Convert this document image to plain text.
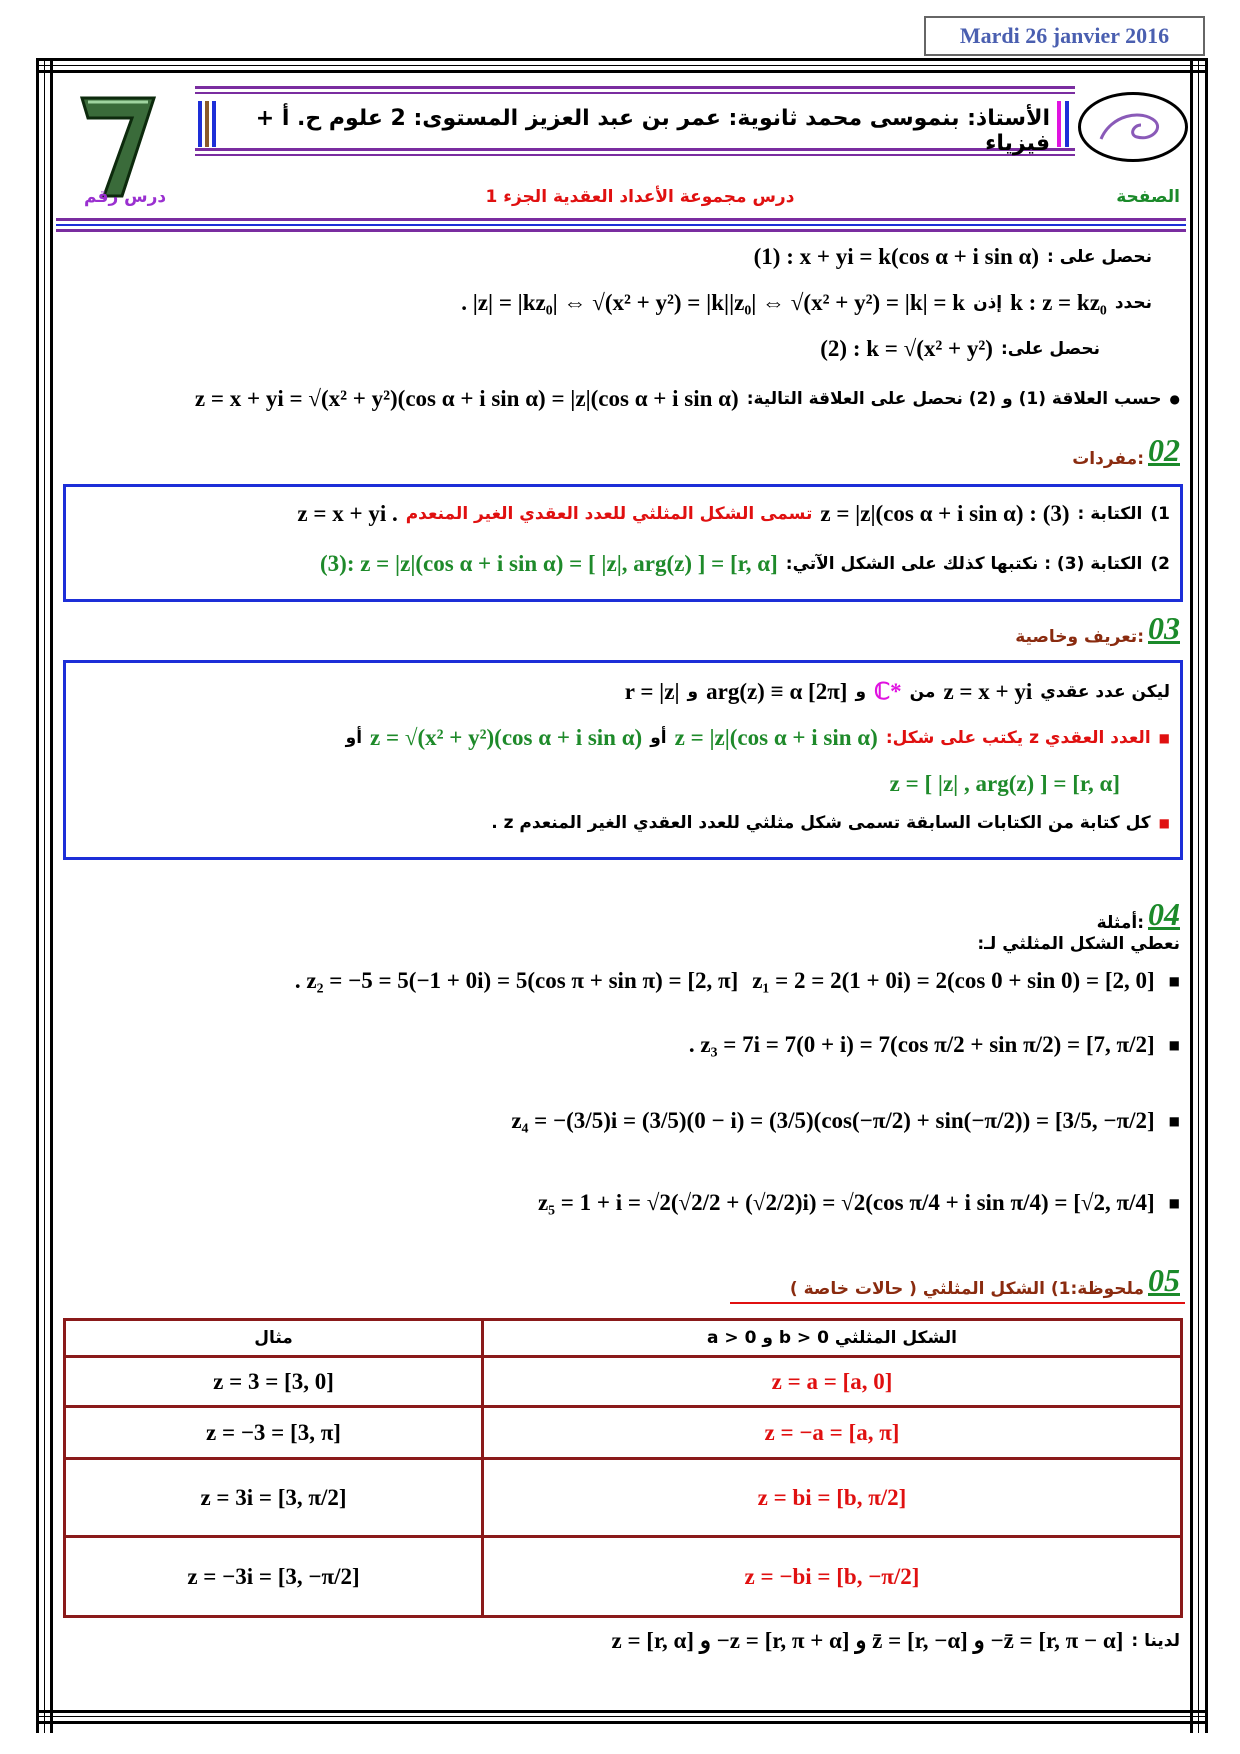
Mardi 26 janvier 2016
الأستاذ: بنموسى محمد ثانوية: عمر بن عبد العزيز المستوى: 2 علوم ح. أ + فيزياء
درس رقم	درس مجموعة الأعداد العقدية الجزء 1	الصفحة
نحصل على :
(1) : x + yi = k(cos α + i sin α)
نحدد
k : z = kz₀
إذن
. |z| = |kz₀| ⇔ √(x² + y²) = |k||z₀| ⇔ √(x² + y²) = |k| = k
نحصل على:
(2) : k = √(x² + y²)
●
حسب العلاقة (1) و (2) نحصل على العلاقة التالية:
z = x + yi = √(x² + y²)(cos α + i sin α) = |z|(cos α + i sin α)
02
مفردات:
1)
الكتابة :
z = |z|(cos α + i sin α) : (3)
تسمى الشكل المثلثي للعدد العقدي الغير المنعدم
z = x + yi .
2)
الكتابة (3) : نكتبها كذلك على الشكل الآتي:
(3): z = |z|(cos α + i sin α) = [ |z|, arg(z) ] = [r, α]
03
تعريف وخاصية:
ليكن عدد عقدي
z = x + yi
من
ℂ*
و
arg(z) ≡ α [2π]
و
r = |z|
■
العدد العقدي z يكتب على شكل:
z = |z|(cos α + i sin α)
أو
z = √(x² + y²)(cos α + i sin α)
أو
z = [ |z| , arg(z) ] = [r, α]
■
كل كتابة من الكتابات السابقة تسمى شكل مثلثي للعدد العقدي الغير المنعدم z .
04
أمثلة:
نعطي الشكل المثلثي لـ:
■
z₁ = 2 = 2(1 + 0i) = 2(cos 0 + sin 0) = [2, 0]
. z₂ = −5 = 5(−1 + 0i) = 5(cos π + sin π) = [2, π]
■
. z₃ = 7i = 7(0 + i) = 7(cos π/2 + sin π/2) = [7, π/2]
■
z₄ = −(3/5)i = (3/5)(0 − i) = (3/5)(cos(−π/2) + sin(−π/2)) = [3/5, −π/2]
■
z₅ = 1 + i = √2(√2/2 + (√2/2)i) = √2(cos π/4 + i sin π/4) = [√2, π/4]
05
ملحوظة:1) الشكل المثلثي ( حالات خاصة )
مثال	a > 0 و b > 0 الشكل المثلثي
z = 3 = [3, 0]	z = a = [a, 0]
z = −3 = [3, π]	z = −a = [a, π]
z = 3i = [3, π/2]	z = bi = [b, π/2]
z = −3i = [3, −π/2]	z = −bi = [b, −π/2]
لدينا :
z = [r, α] و −z = [r, π + α] و z̄ = [r, −α] و −z̄ = [r, π − α]
